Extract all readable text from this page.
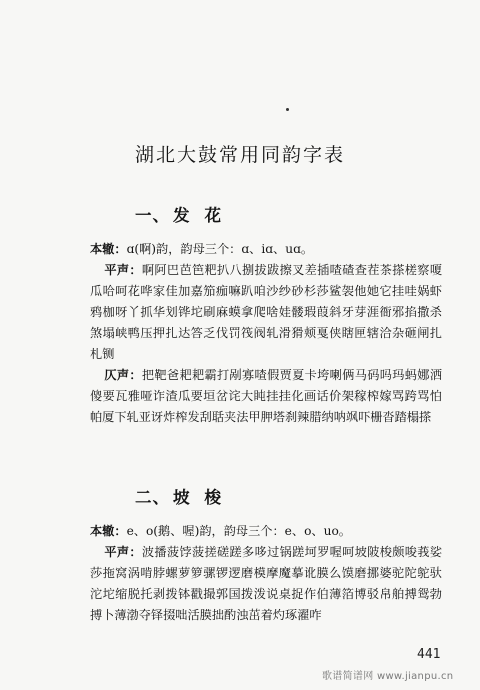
湖北大鼓常用同韵字表
一、 发花

本辙：ɑ(啊)韵，韵母三个：ɑ、iɑ、uɑ。

平声：啊阿巴芭笆粑扒八捌拔跋擦叉差插喳碴查茬茶搽槎察嗄瓜哈呵花哗家佳加嘉笳痂嘛趴咱沙纱砂杉莎鲨袈他她它挂哇娲虾鸦枷呀丫抓华划铧坨刷麻蟆拿爬啥娃髅瑕葭斜牙芽涯衙邪掐撒杀煞塌峡鸭压押扎达答乏伐罚筏阀轧滑猾颊戛侠瞎匣辖洽杂砸闸扎札铡

仄声：把靶爸耙耙霸打剐寡喳假贾夏卡垮喇俩马码吗玛蚂娜洒傻要瓦雅哑诈渣瓜要垣岔诧大盹挂挂化画话价架稼榨嫁骂跨骂怕帕厦下轧亚讶炸榨发刮聒夹法甲胛塔刹辣腊纳呐飒吓栅沓踏榻搽

二、 坡梭

本辙：e、o(鹅、喔)韵，韵母三个：e、o、uo。

平声：波播菠饽菠搓磋蹉多哆过锅蹉坷罗喔呵坡陂梭颇唆莪娑莎拖窝涡啃脖螺萝箩骡锣逻磨模摩魔摹讹膜么馍磨挪婆驼陀鸵驮沱坨缩脱托剥拨钵戳撮郭国拨泼说桌捉作伯薄箔博驳帛舶搏鸳勃搏卜薄渤夺铎掇咄活膜拙酌浊茁着灼琢濯咋

441
歌谱简谱网 www.jianpu.cn
